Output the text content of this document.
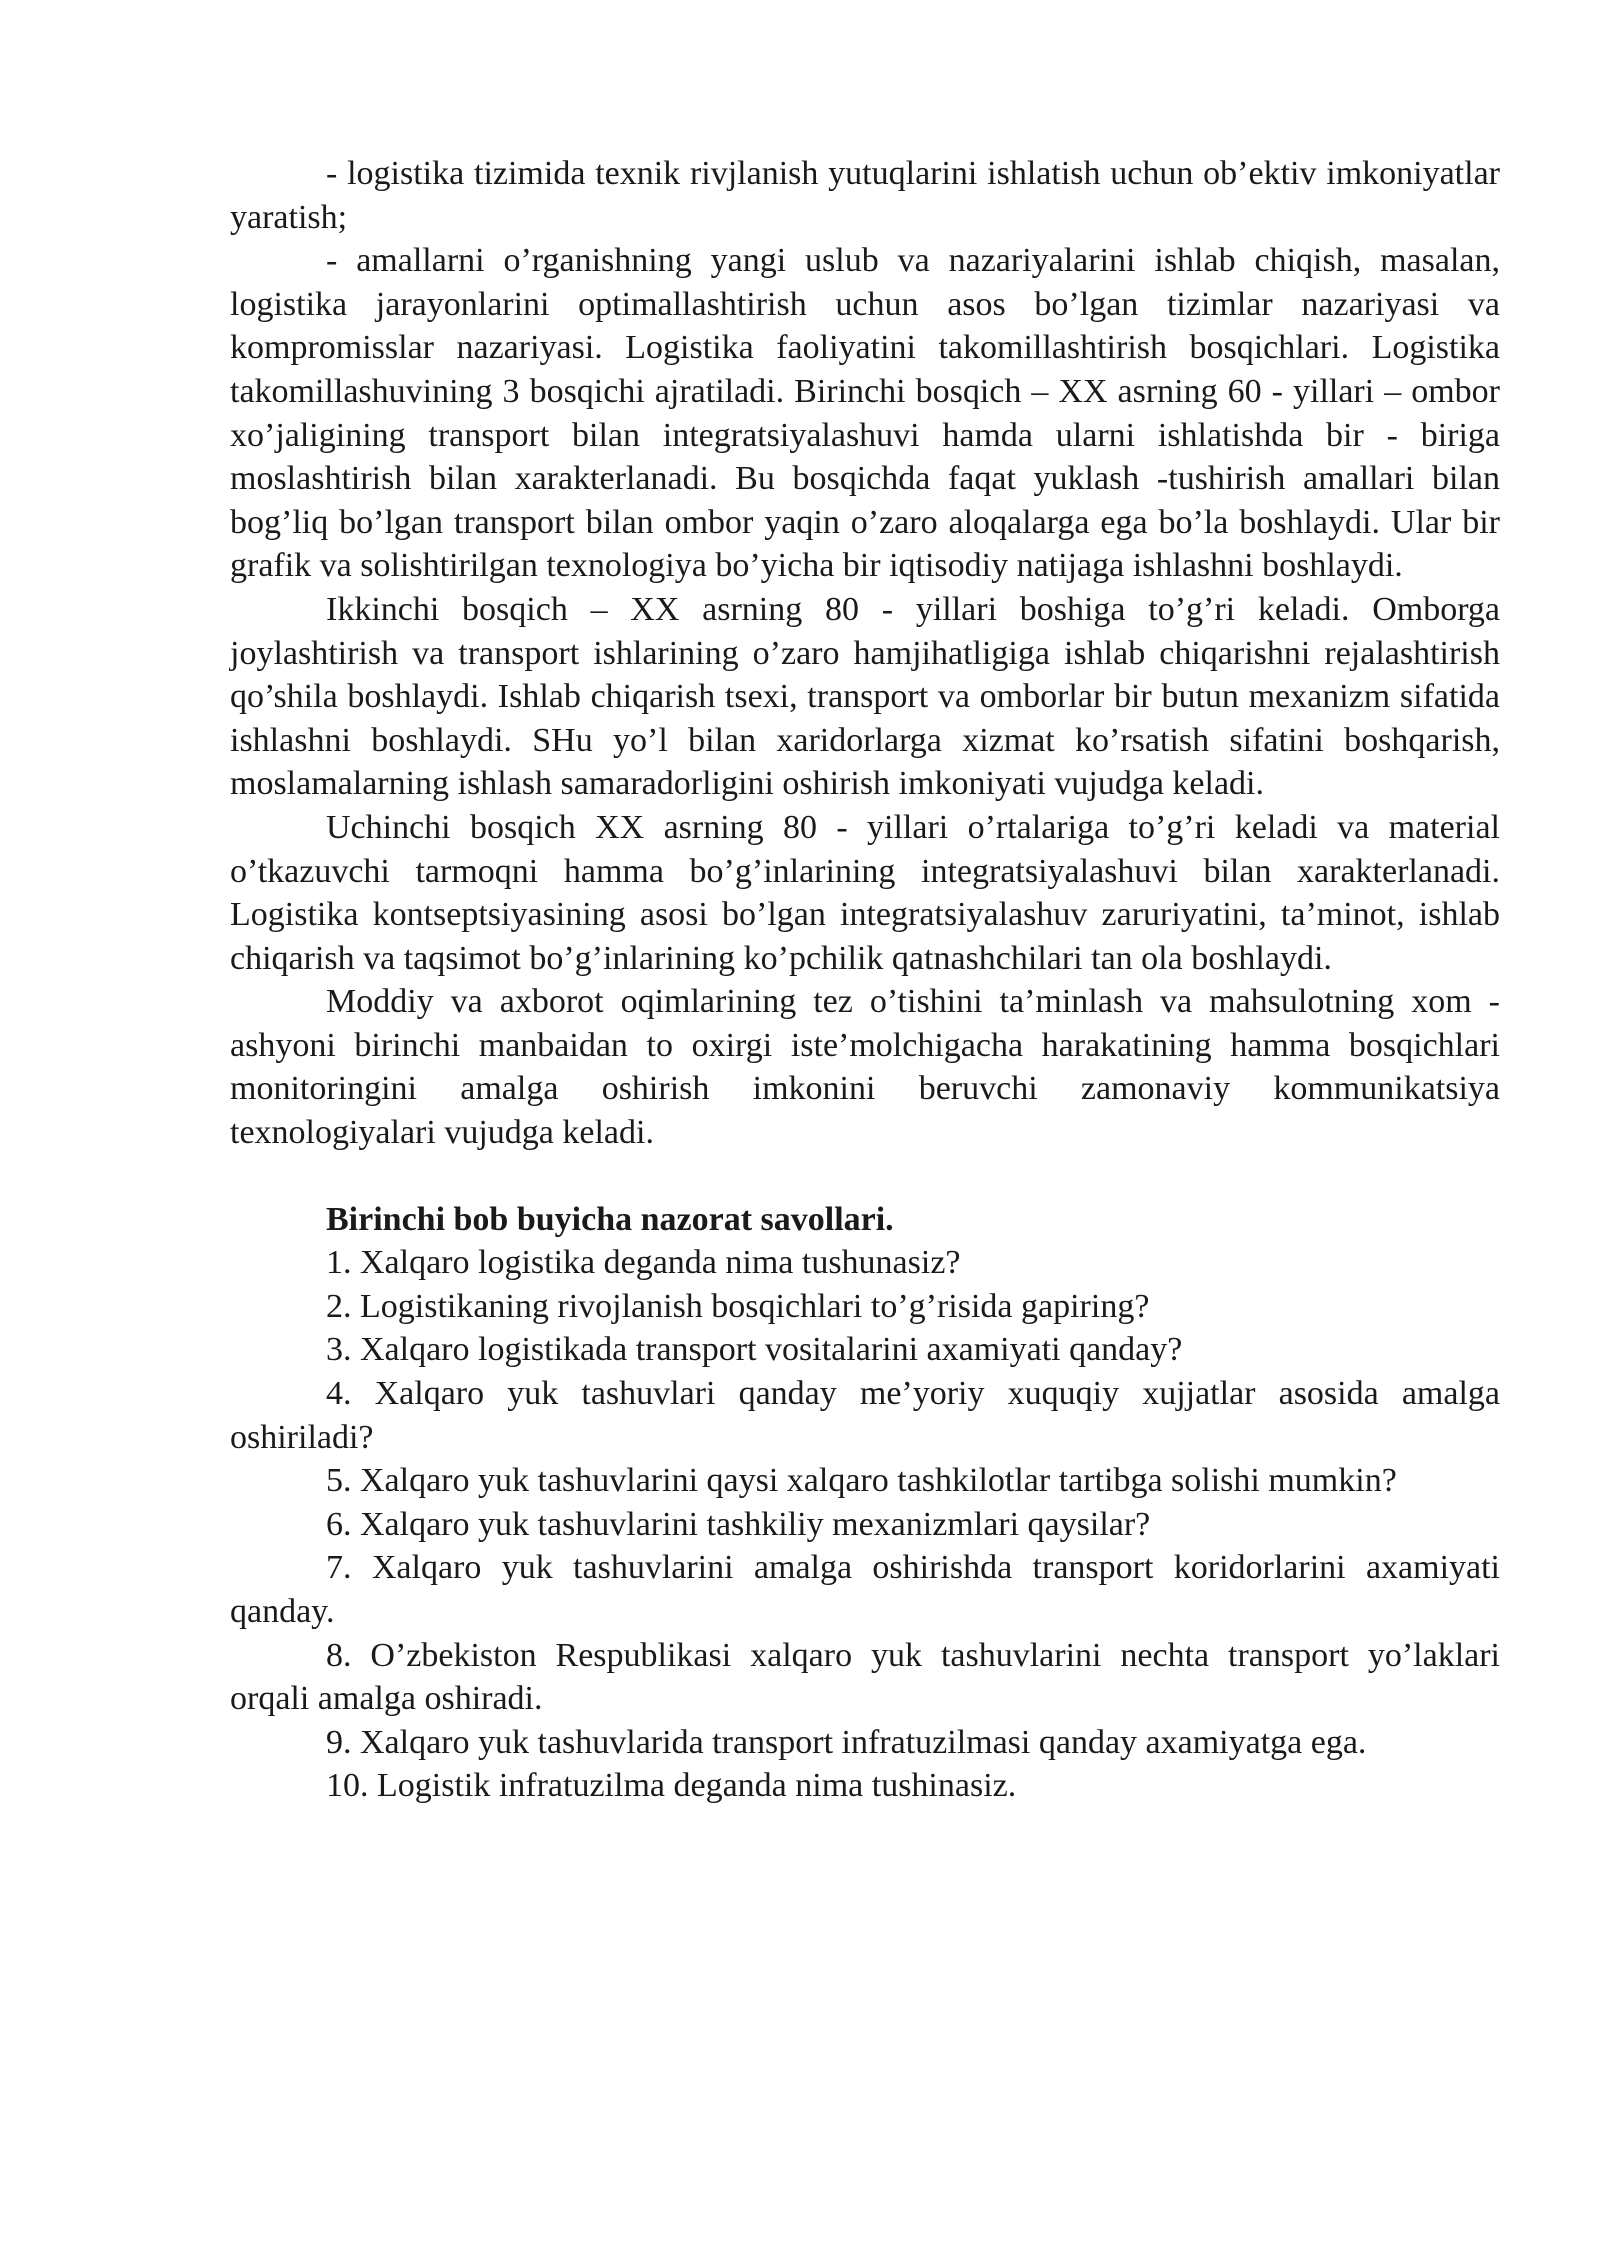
- logistika tizimida texnik rivjlanish yutuqlarini ishlatish uchun ob’ektiv imkoniyatlar yaratish;

- amallarni o’rganishning yangi uslub va nazariyalarini ishlab chiqish, masalan, logistika jarayonlarini optimallashtirish uchun asos bo’lgan tizimlar nazariyasi va kompromisslar nazariyasi. Logistika faoliyatini takomillashtirish bosqichlari. Logistika takomillashuvining 3 bosqichi ajratiladi. Birinchi bosqich – XX asrning 60 - yillari – ombor xo’jaligining transport bilan integratsiyalashuvi hamda ularni ishlatishda bir - biriga moslashtirish bilan xarakterlanadi. Bu bosqichda faqat yuklash -tushirish amallari bilan bog’liq bo’lgan transport bilan ombor yaqin o’zaro aloqalarga ega bo’la boshlaydi. Ular bir grafik va solishtirilgan texnologiya bo’yicha bir iqtisodiy natijaga ishlashni boshlaydi.

Ikkinchi bosqich – XX asrning 80 - yillari boshiga to’g’ri keladi. Omborga joylashtirish va transport ishlarining o’zaro hamjihatligiga ishlab chiqarishni rejalashtirish qo’shila boshlaydi. Ishlab chiqarish tsexi, transport va omborlar bir butun mexanizm sifatida ishlashni boshlaydi. SHu yo’l bilan xaridorlarga xizmat ko’rsatish sifatini boshqarish, moslamalarning ishlash samaradorligini oshirish imkoniyati vujudga keladi.

Uchinchi bosqich XX asrning 80 - yillari o’rtalariga to’g’ri keladi va material o’tkazuvchi tarmoqni hamma bo’g’inlarining integratsiyalashuvi bilan xarakterlanadi. Logistika kontseptsiyasining asosi bo’lgan integratsiyalashuv zaruriyatini, ta’minot, ishlab chiqarish va taqsimot bo’g’inlarining ko’pchilik qatnashchilari tan ola boshlaydi.

Moddiy va axborot oqimlarining tez o’tishini ta’minlash va mahsulotning xom - ashyoni birinchi manbaidan to oxirgi iste’molchigacha harakatining hamma bosqichlari monitoringini amalga oshirish imkonini beruvchi zamonaviy kommunikatsiya texnologiyalari vujudga keladi.

Birinchi bob buyicha nazorat savollari.

1. Xalqaro logistika deganda nima tushunasiz?

2. Logistikaning rivojlanish bosqichlari to’g’risida gapiring?

3. Xalqaro logistikada transport vositalarini axamiyati qanday?

4. Xalqaro yuk tashuvlari qanday me’yoriy xuquqiy xujjatlar asosida amalga oshiriladi?

5. Xalqaro yuk tashuvlarini qaysi xalqaro tashkilotlar tartibga solishi mumkin?

6. Xalqaro yuk tashuvlarini tashkiliy mexanizmlari qaysilar?

7. Xalqaro yuk tashuvlarini amalga oshirishda transport koridorlarini axamiyati qanday.

8. O’zbekiston Respublikasi xalqaro yuk tashuvlarini nechta transport yo’laklari orqali amalga oshiradi.

9. Xalqaro yuk tashuvlarida transport infratuzilmasi qanday axamiyatga ega.

10. Logistik infratuzilma deganda nima tushinasiz.
